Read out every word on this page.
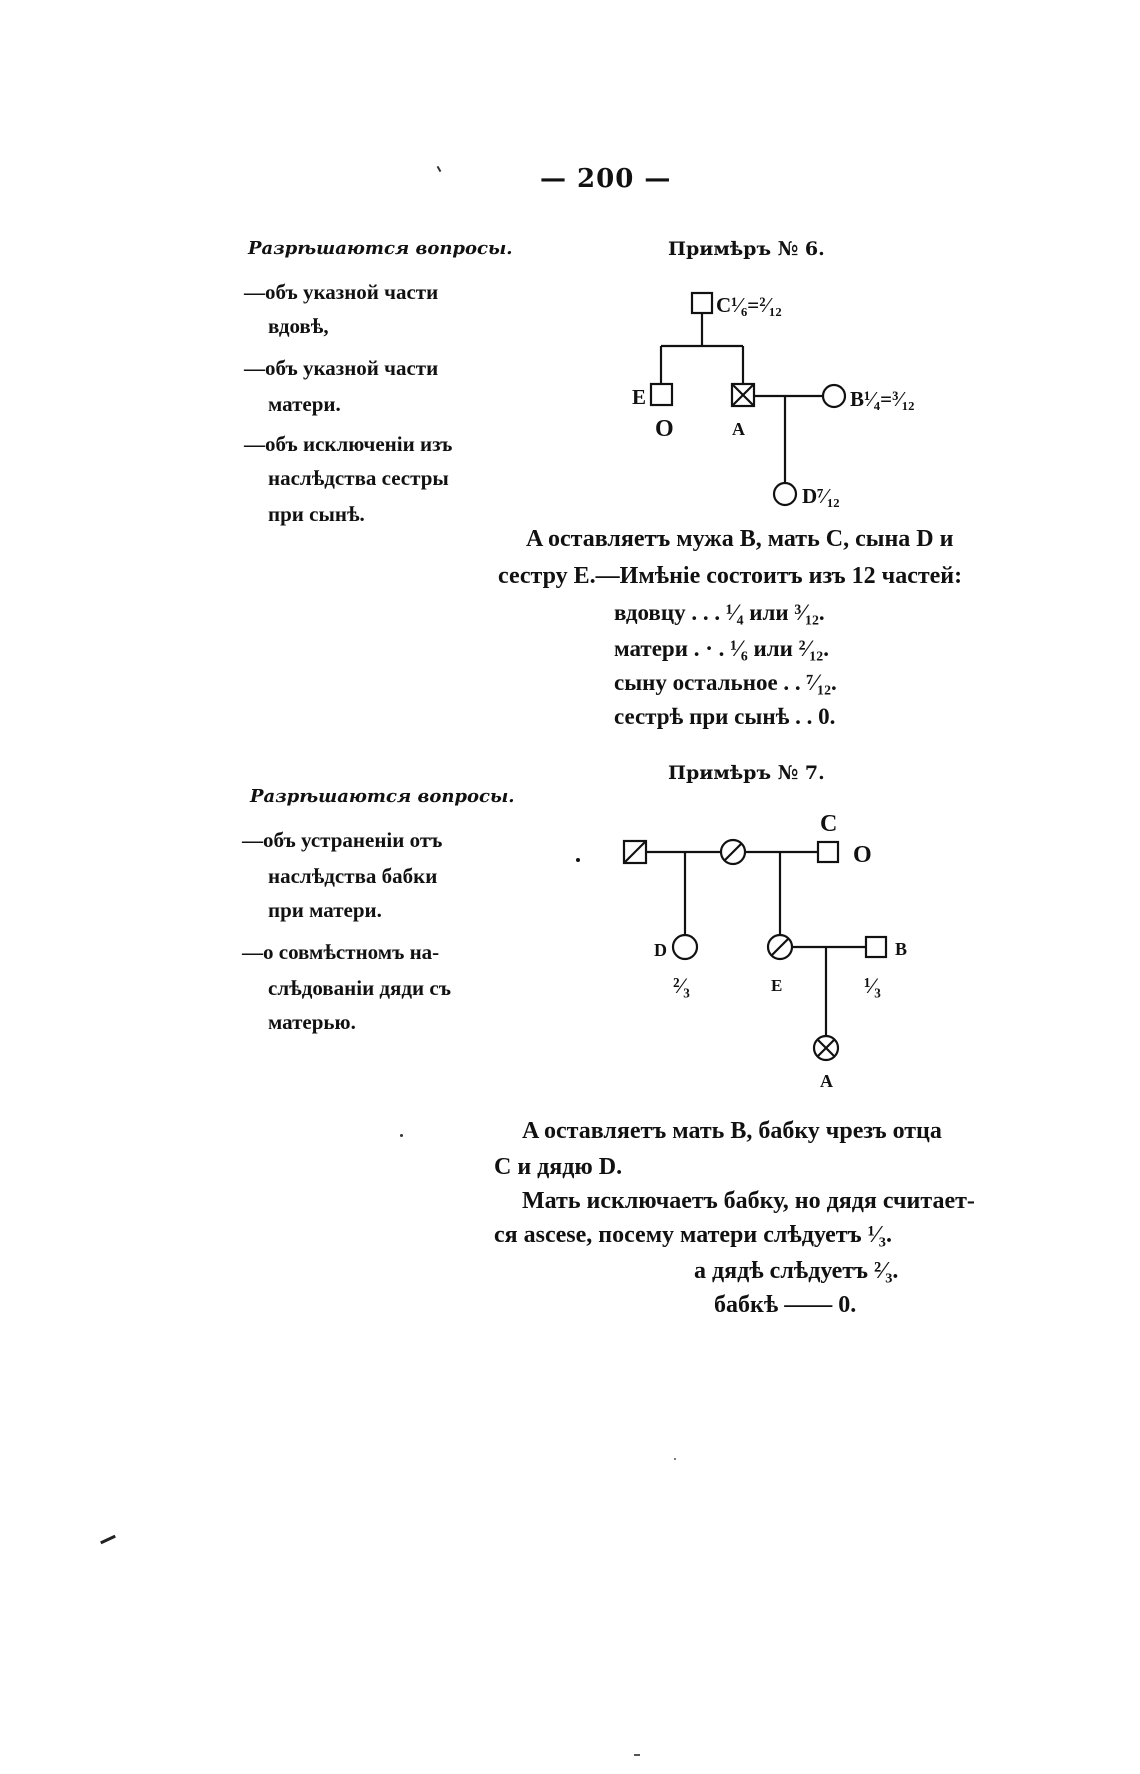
— 200 —
Разрѣшаются вопросы.
—объ указной части
вдовѣ,
—объ указной части
матери.
—объ исключеніи изъ
наслѣдства сестры
при сынѣ.
Примѣръ № 6.
C¹⁄₆=²⁄₁₂
E
O	A
B¹⁄₄=³⁄₁₂
D⁷⁄₁₂
A оставляетъ мужа B, мать C, сына D и
сестру E.—Имѣніе состоитъ изъ 12 частей:
вдовцу . . . ¹⁄₄ или ³⁄₁₂.
матери . · . ¹⁄₆ или ²⁄₁₂.
сыну остальное . . ⁷⁄₁₂.
сестрѣ при сынѣ . . 0.
Разрѣшаются вопросы.
—объ устраненіи отъ
наслѣдства бабки
при матери.
—о совмѣстномъ на-
слѣдованіи дяди съ
матерью.
Примѣръ № 7.
C
O
D
²⁄₃	E
B
¹⁄₃
A
A оставляетъ мать B, бабку чрезъ отца
C и дядю D.
Мать исключаетъ бабку, но дядя считает-
ся ascese, посему матери слѣдуетъ ¹⁄₃.
а дядѣ слѣдуетъ ²⁄₃.
бабкѣ —— 0.
